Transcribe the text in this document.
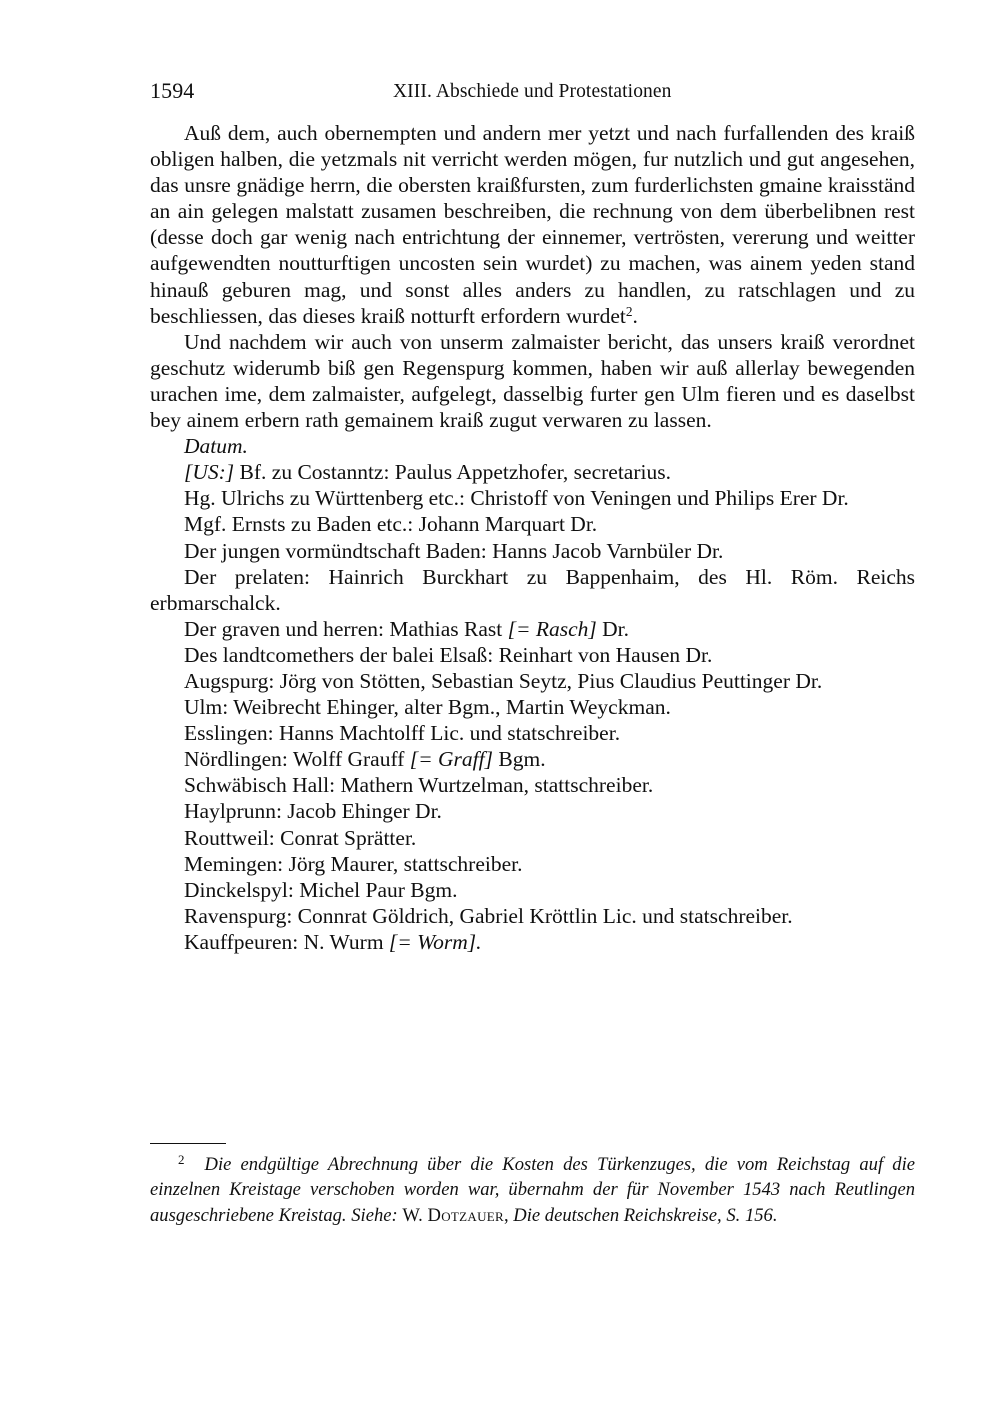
1594	XIII. Abschiede und Protestationen

Auß dem, auch obernempten und andern mer yetzt und nach furfallenden des kraiß obligen halben, die yetzmals nit verricht werden mögen, fur nutzlich und gut angesehen, das unsre gnädige herrn, die obersten kraißfursten, zum furderlichsten gmaine kraisständ an ain gelegen malstatt zusamen beschreiben, die rechnung von dem überbelibnen rest (desse doch gar wenig nach entrichtung der einnemer, vertrösten, vererung und weitter aufgewendten noutturftigen uncosten sein wurdet) zu machen, was ainem yeden stand hinauß geburen mag, und sonst alles anders zu handlen, zu ratschlagen und zu beschliessen, das dieses kraiß notturft erfordern wurdet$^2$.

Und nachdem wir auch von unserm zalmaister bericht, das unsers kraiß verordnet geschutz widerumb biß gen Regenspurg kommen, haben wir auß allerlay bewegenden urachen ime, dem zalmaister, aufgelegt, dasselbig furter gen Ulm fieren und es daselbst bey ainem erbern rath gemainem kraiß zugut verwaren zu lassen.

Datum.

[US:] Bf. zu Costanntz: Paulus Appetzhofer, secretarius.

Hg. Ulrichs zu Württenberg etc.: Christoff von Veningen und Philips Erer Dr.

Mgf. Ernsts zu Baden etc.: Johann Marquart Dr.

Der jungen vormündtschaft Baden: Hanns Jacob Varnbüler Dr.

Der prelaten: Hainrich Burckhart zu Bappenhaim, des Hl. Röm. Reichs erbmarschalck.

Der graven und herren: Mathias Rast [= Rasch] Dr.

Des landtcomethers der balei Elsaß: Reinhart von Hausen Dr.

Augspurg: Jörg von Stötten, Sebastian Seytz, Pius Claudius Peuttinger Dr.

Ulm: Weibrecht Ehinger, alter Bgm., Martin Weyckman.

Esslingen: Hanns Machtolff Lic. und statschreiber.

Nördlingen: Wolff Grauff [= Graff] Bgm.

Schwäbisch Hall: Mathern Wurtzelman, stattschreiber.

Haylprunn: Jacob Ehinger Dr.

Routtweil: Conrat Sprätter.

Memingen: Jörg Maurer, stattschreiber.

Dinckelspyl: Michel Paur Bgm.

Ravenspurg: Connrat Göldrich, Gabriel Kröttlin Lic. und statschreiber.

Kauffpeuren: N. Wurm [= Worm].

$^2$ Die endgültige Abrechnung über die Kosten des Türkenzuges, die vom Reichstag auf die einzelnen Kreistage verschoben worden war, übernahm der für November 1543 nach Reutlingen ausgeschriebene Kreistag. Siehe: W. Dotzauer, Die deutschen Reichskreise, S. 156.
